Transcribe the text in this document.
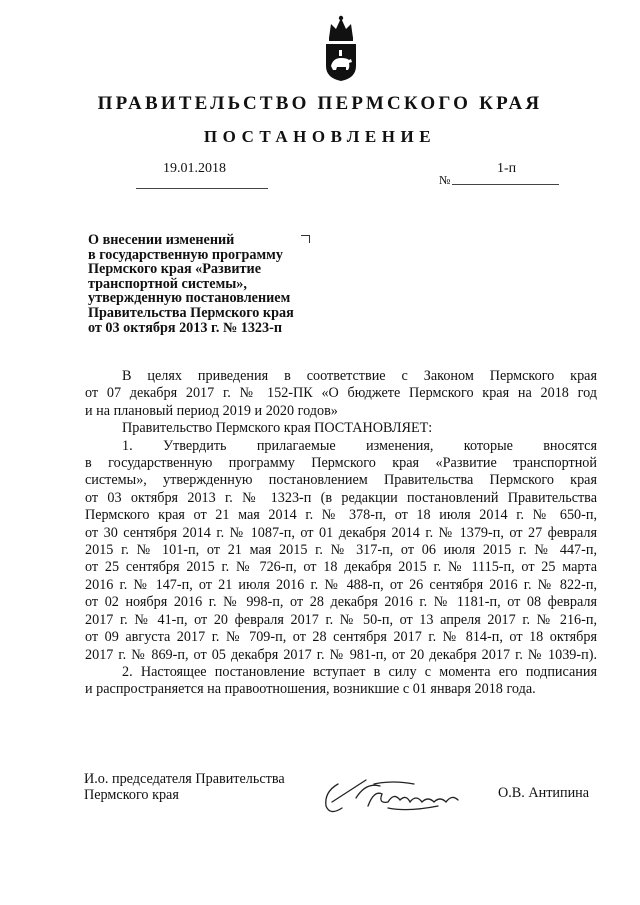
ПРАВИТЕЛЬСТВО ПЕРМСКОГО КРАЯ
ПОСТАНОВЛЕНИЕ
19.01.2018
№
1-п
О внесении изменений
в государственную программу
Пермского края «Развитие
транспортной системы»,
утвержденную постановлением
Правительства Пермского края
от 03 октября 2013 г. № 1323-п
В целях приведения в соответствие с Законом Пермского края
от 07 декабря 2017 г. № 152-ПК «О бюджете Пермского края на 2018 год
и на плановый период 2019 и 2020 годов»
Правительство Пермского края ПОСТАНОВЛЯЕТ:
1. Утвердить прилагаемые изменения, которые вносятся
в государственную программу Пермского края «Развитие транспортной
системы», утвержденную постановлением Правительства Пермского края
от 03 октября 2013 г. № 1323-п (в редакции постановлений Правительства
Пермского края от 21 мая 2014 г. № 378-п, от 18 июля 2014 г. № 650-п,
от 30 сентября 2014 г. № 1087-п, от 01 декабря 2014 г. № 1379-п, от 27 февраля
2015 г. № 101-п, от 21 мая 2015 г. № 317-п, от 06 июля 2015 г. № 447-п,
от 25 сентября 2015 г. № 726-п, от 18 декабря 2015 г. № 1115-п, от 25 марта
2016 г. № 147-п, от 21 июля 2016 г. № 488-п, от 26 сентября 2016 г. № 822-п,
от 02 ноября 2016 г. № 998-п, от 28 декабря 2016 г. № 1181-п, от 08 февраля
2017 г. № 41-п, от 20 февраля 2017 г. № 50-п, от 13 апреля 2017 г. № 216-п,
от 09 августа 2017 г. № 709-п, от 28 сентября 2017 г. № 814-п, от 18 октября
2017 г. № 869-п, от 05 декабря 2017 г. № 981-п, от 20 декабря 2017 г. № 1039-п).
2. Настоящее постановление вступает в силу с момента его подписания
и распространяется на правоотношения, возникшие с 01 января 2018 года.
И.о. председателя Правительства
Пермского края	О.В. Антипина
